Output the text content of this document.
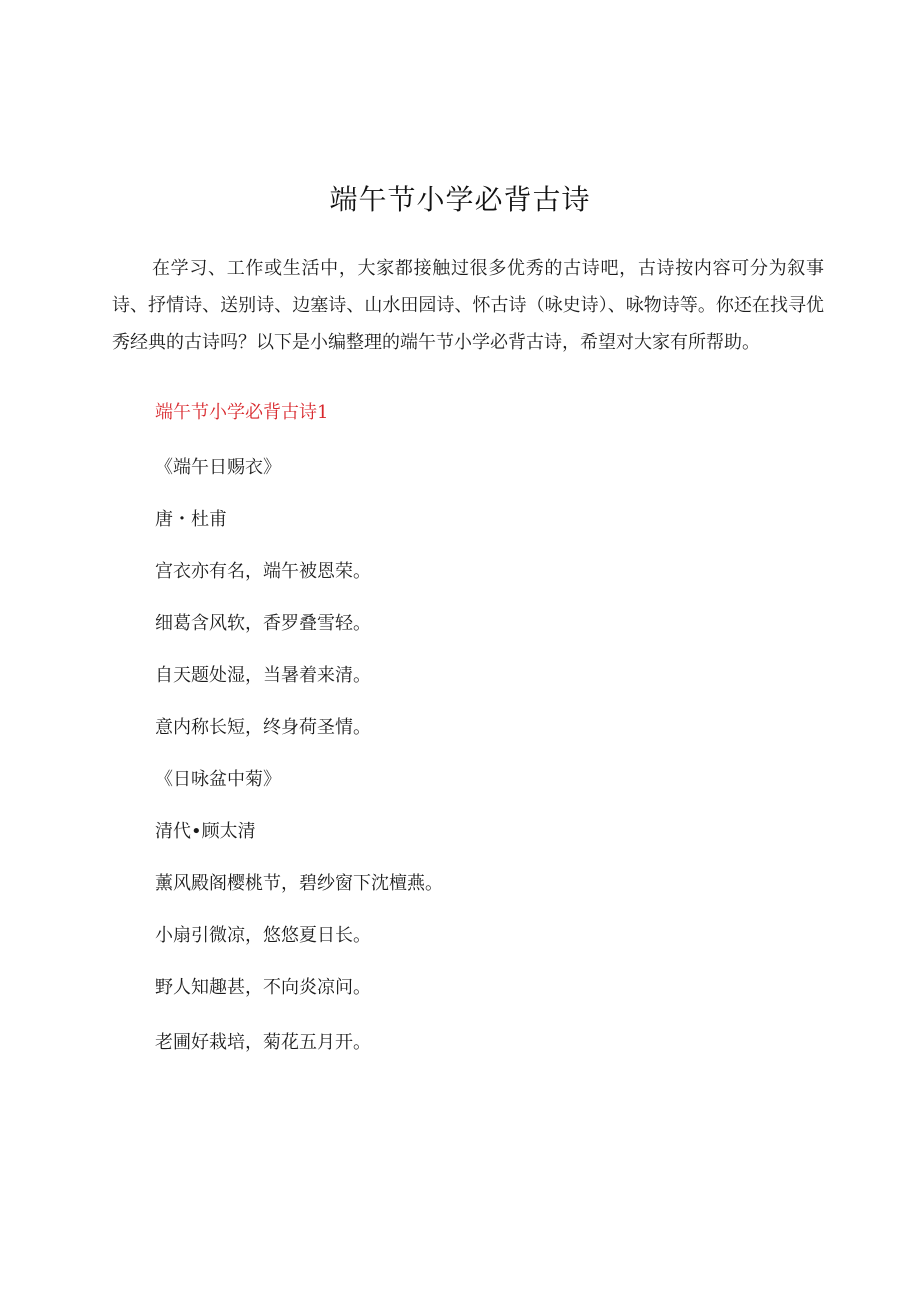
端午节小学必背古诗

在学习、工作或生活中，大家都接触过很多优秀的古诗吧，古诗按内容可分为叙事诗、抒情诗、送别诗、边塞诗、山水田园诗、怀古诗（咏史诗）、咏物诗等。你还在找寻优秀经典的古诗吗？以下是小编整理的端午节小学必背古诗，希望对大家有所帮助。

端午节小学必背古诗1

《端午日赐衣》

唐・杜甫

宫衣亦有名，端午被恩荣。

细葛含风软，香罗叠雪轻。

自天题处湿，当暑着来清。

意内称长短，终身荷圣情。

《日咏盆中菊》

清代•顾太清

薰风殿阁樱桃节，碧纱窗下沈檀燕。

小扇引微凉，悠悠夏日长。

野人知趣甚，不向炎凉问。

老圃好栽培，菊花五月开。
